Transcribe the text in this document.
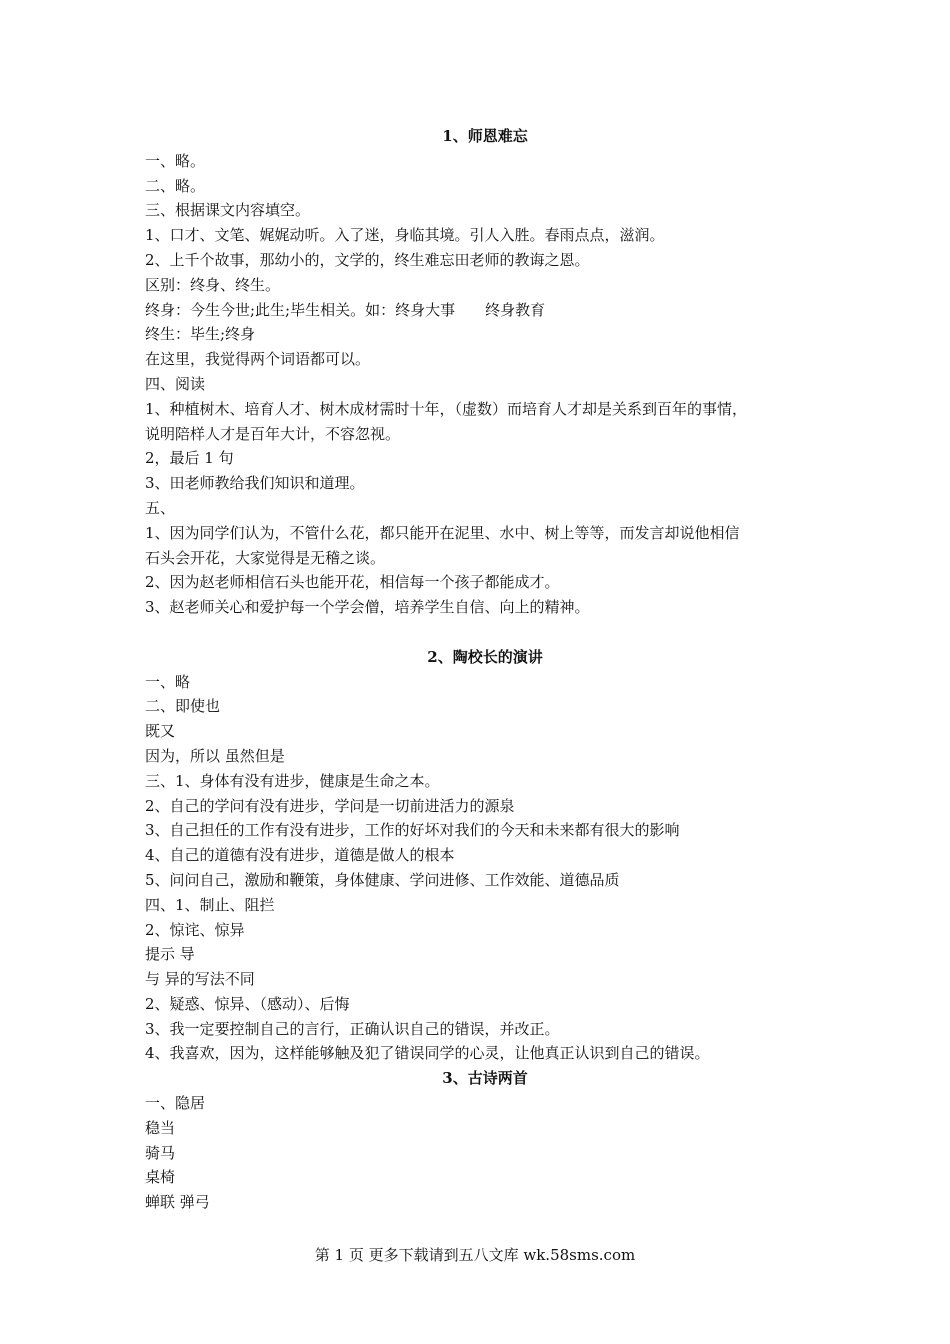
1、师恩难忘
一、略。
二、略。
三、根据课文内容填空。
1、口才、文笔、娓娓动听。入了迷，身临其境。引人入胜。春雨点点，滋润。
2、上千个故事，那幼小的，文学的，终生难忘田老师的教诲之恩。
区别：终身、终生。
终身：今生今世;此生;毕生相关。如：终身大事　　终身教育
终生：毕生;终身
在这里，我觉得两个词语都可以。
四、阅读
1、种植树木、培育人才、树木成材需时十年，（虚数）而培育人才却是关系到百年的事情，
说明陪样人才是百年大计，不容忽视。
2，最后 1 句
3、田老师教给我们知识和道理。
五、
1、因为同学们认为，不管什么花，都只能开在泥里、水中、树上等等，而发言却说他相信
石头会开花，大家觉得是无稽之谈。
2、因为赵老师相信石头也能开花，相信每一个孩子都能成才。
3、赵老师关心和爱护每一个学会僧，培养学生自信、向上的精神。
2、陶校长的演讲
一、略
二、即使也
既又
因为，所以 虽然但是
三、1、身体有没有进步，健康是生命之本。
2、自己的学问有没有进步，学问是一切前进活力的源泉
3、自己担任的工作有没有进步，工作的好坏对我们的今天和未来都有很大的影响
4、自己的道德有没有进步，道德是做人的根本
5、问问自己，激励和鞭策，身体健康、学问进修、工作效能、道德品质
四、1、制止、阻拦
2、惊诧、惊异
提示 导
与 异的写法不同
2、疑惑、惊异、（感动）、后悔
3、我一定要控制自己的言行，正确认识自己的错误，并改正。
4、我喜欢，因为，这样能够触及犯了错误同学的心灵，让他真正认识到自己的错误。
3、古诗两首
一、隐居
稳当
骑马
桌椅
蝉联 弹弓
第 1 页 更多下载请到五八文库 wk.58sms.com
